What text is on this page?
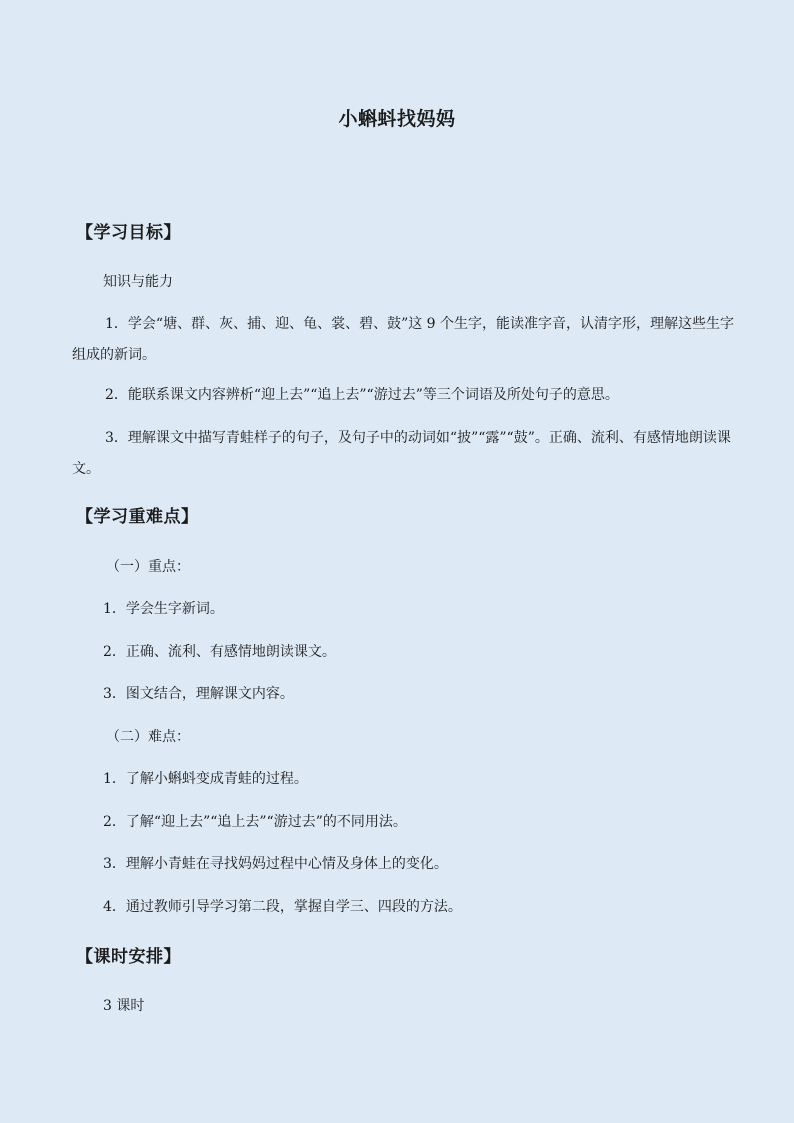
小蝌蚪找妈妈
【学习目标】
知识与能力
1．学会“塘、群、灰、捕、迎、龟、裳、碧、鼓”这 9 个生字，能读准字音，认清字形，理解这些生字组成的新词。
2．能联系课文内容辨析“迎上去”“追上去”“游过去”等三个词语及所处句子的意思。
3．理解课文中描写青蛙样子的句子，及句子中的动词如“披”“露”“鼓”。正确、流利、有感情地朗读课文。
【学习重难点】
（一）重点：
1．学会生字新词。
2．正确、流利、有感情地朗读课文。
3．图文结合，理解课文内容。
（二）难点：
1．了解小蝌蚪变成青蛙的过程。
2．了解“迎上去”“追上去”“游过去”的不同用法。
3．理解小青蛙在寻找妈妈过程中心情及身体上的变化。
4．通过教师引导学习第二段，掌握自学三、四段的方法。
【课时安排】
3 课时
